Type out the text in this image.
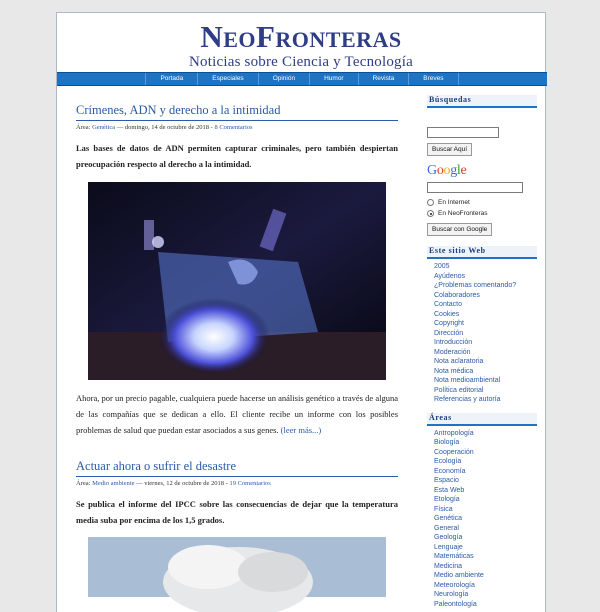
NeoFronteras
Noticias sobre Ciencia y Tecnología
Portada	Especiales	Opinión	Humor	Revista	Breves
Crímenes, ADN y derecho a la intimidad
Área: Genética — domingo, 14 de octubre de 2018 - 8 Comentarios

Las bases de datos de ADN permiten capturar criminales, pero también despiertan preocupación respecto al derecho a la intimidad.

Ahora, por un precio pagable, cualquiera puede hacerse un análisis genético a través de alguna de las compañías que se dedican a ello. El cliente recibe un informe con los posibles problemas de salud que puedan estar asociados a sus genes. (leer más...)

Actuar ahora o sufrir el desastre
Área: Medio ambiente — viernes, 12 de octubre de 2018 - 19 Comentarios

Se publica el informe del IPCC sobre las consecuencias de dejar que la temperatura media suba por encima de los 1,5 grados.

Búsquedas
Buscar Aquí
Google
En Internet
En NeoFronteras
Buscar con Google
Este sitio Web
2005
Ayúdenos
¿Problemas comentando?
Colaboradores
Contacto
Cookies
Copyright
Dirección
Introducción
Moderación
Nota aclaratoria
Nota médica
Nota medioambiental
Política editorial
Referencias y autoría
Áreas
Antropología
Biología
Cooperación
Ecología
Economía
Espacio
Esta Web
Etología
Física
Genética
General
Geología
Lenguaje
Matemáticas
Medicina
Medio ambiente
Meteorología
Neurología
Paleontología
